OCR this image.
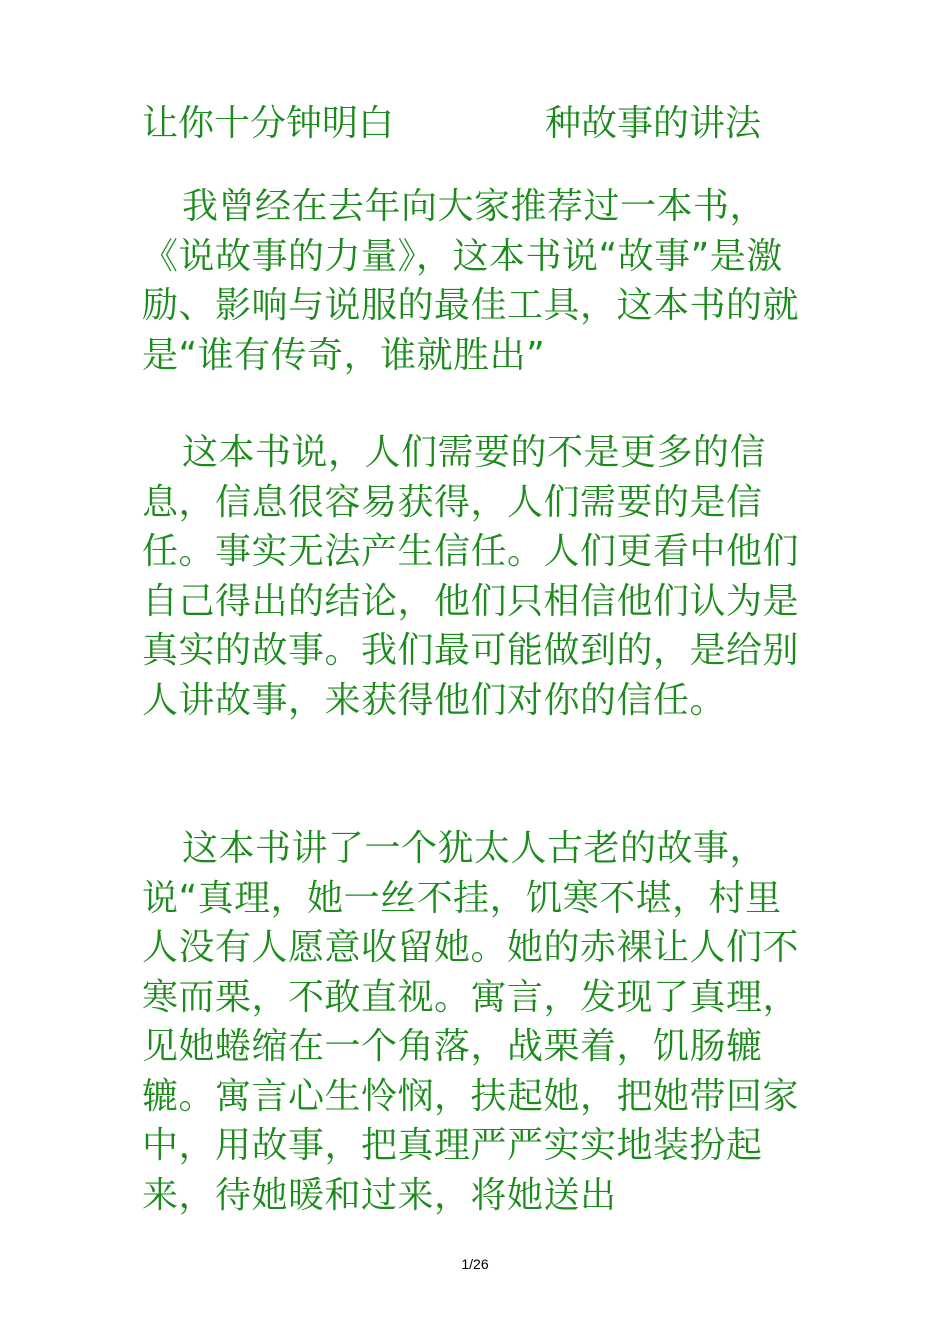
让你十分钟明白	种故事的讲法

我曾经在去年向大家推荐过一本书，《说故事的力量》，这本书说“故事”是激励、影响与说服的最佳工具，这本书的就是“谁有传奇，谁就胜出”

这本书说，人们需要的不是更多的信息，信息很容易获得，人们需要的是信任。事实无法产生信任。人们更看中他们自己得出的结论，他们只相信他们认为是真实的故事。我们最可能做到的，是给别人讲故事，来获得他们对你的信任。

这本书讲了一个犹太人古老的故事，说“真理，她一丝不挂，饥寒不堪，村里人没有人愿意收留她。她的赤裸让人们不寒而栗，不敢直视。寓言，发现了真理，见她蜷缩在一个角落，战栗着，饥肠辘辘。寓言心生怜悯，扶起她，把她带回家中，用故事，把真理严严实实地装扮起来，待她暖和过来，将她送出

1/26
